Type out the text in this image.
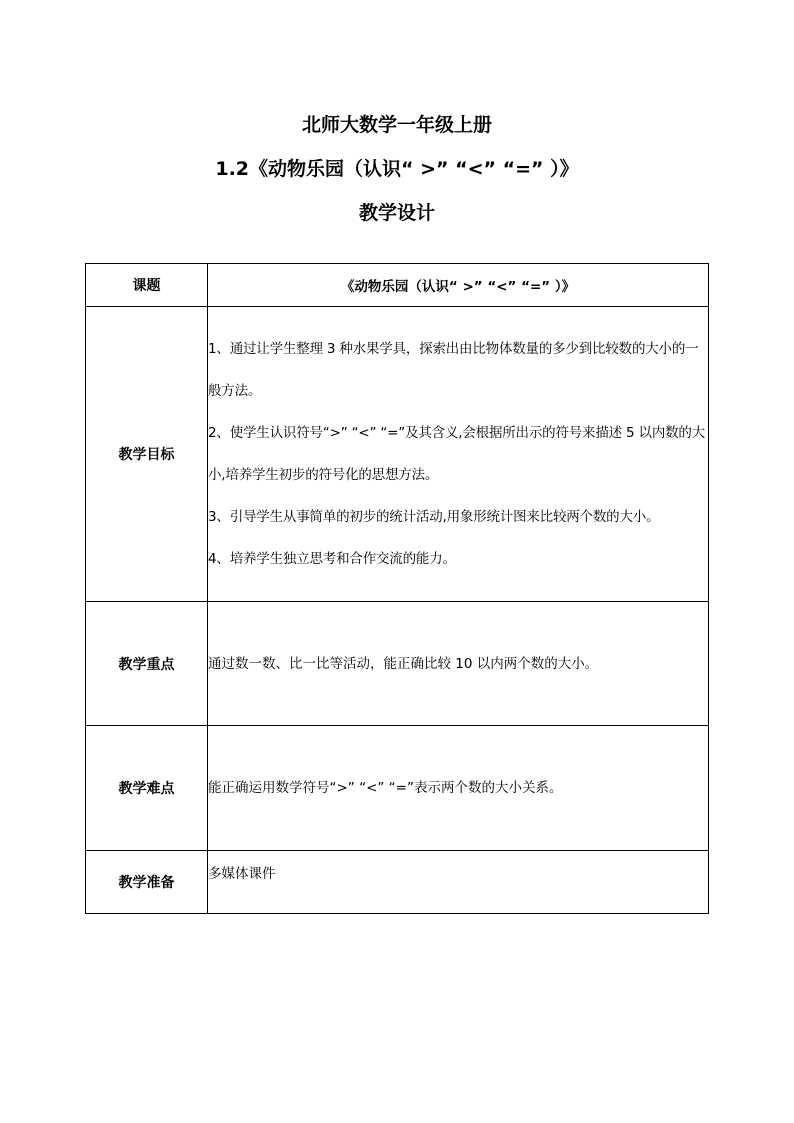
北师大数学一年级上册
1.2《动物乐园（认识“ >” “<” “=” ）》
教学设计
课题	《动物乐园（认识“ >” “<” “=” ）》
教学目标	1、通过让学生整理 3 种水果学具，探索出由比物体数量的多少到比较数的大小的一般方法。
2、使学生认识符号“>” “<” “=”及其含义,会根据所出示的符号来描述 5 以内数的大小,培养学生初步的符号化的思想方法。
3、引导学生从事简单的初步的统计活动,用象形统计图来比较两个数的大小。
4、培养学生独立思考和合作交流的能力。

教学重点	通过数一数、比一比等活动，能正确比较 10 以内两个数的大小。
教学难点	能正确运用数学符号“>” “<” “=”表示两个数的大小关系。
教学准备	多媒体课件
